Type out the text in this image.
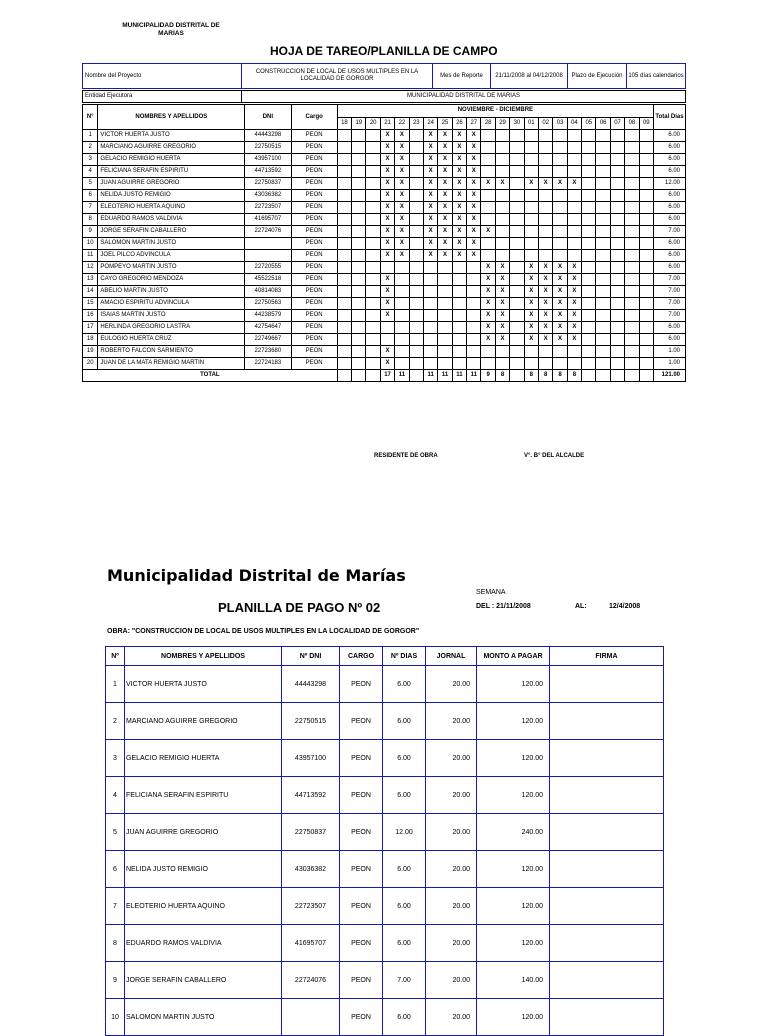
MUNICIPALIDAD DISTRITAL DE MARIAS
HOJA DE TAREO/PLANILLA DE CAMPO
Nombre del Proyecto	CONSTRUCCION DE LOCAL DE USOS MULTIPLES EN LA LOCALIDAD DE GORGOR	Mes de Reporte	21/11/2008 al 04/12/2008	Plazo de Ejecución	105 días calendarios
Entidad Ejecutora	MUNICIPALIDAD DISTRITAL DE MARIAS
N°	NOMBRES Y APELLIDOS	DNI	Cargo	NOVIEMBRE - DICIEMBRE																						Total Días
				18	19	20	21	22	23	24	25	26	27	28	29	30	01	02	03	04	05	06	07	08	09	
1	VICTOR HUERTA JUSTO	44443298	PEON				X	X		X	X	X	X													6.00
2	MARCIANO AGUIRRE GREGORIO	22750515	PEON				X	X		X	X	X	X													6.00
3	GELACIO REMIGIO HUERTA	43957100	PEON				X	X		X	X	X	X													6.00
4	FELICIANA SERAFIN ESPIRITU	44713592	PEON				X	X		X	X	X	X													6.00
5	JUAN AGUIRRE GREGORIO	22750837	PEON				X	X		X	X	X	X	X	X		X	X	X	X						12.00
6	NELIDA JUSTO REMIGIO	43036382	PEON				X	X		X	X	X	X													6.00
7	ELEOTERIO HUERTA AQUINO	22723507	PEON				X	X		X	X	X	X													6.00
8	EDUARDO RAMOS VALDIVIA	41695707	PEON				X	X		X	X	X	X													6.00
9	JORGE SERAFIN CABALLERO	22724076	PEON				X	X		X	X	X	X	X												7.00
10	SALOMON MARTIN JUSTO		PEON				X	X		X	X	X	X													6.00
11	JOEL PILCO ADVINCULA		PEON				X	X		X	X	X	X													6.00
12	POMPEYO MARTIN JUSTO	22720555	PEON											X	X		X	X	X	X						6.00
13	CAYO GREGORIO MENDOZA	45522518	PEON				X							X	X		X	X	X	X						7.00
14	ABELIO MARTIN JUSTO	40814083	PEON				X							X	X		X	X	X	X						7.00
15	AMACIO ESPIRITU ADVINCULA	22750563	PEON				X							X	X		X	X	X	X						7.00
16	ISAIAS MARTIN JUSTO	44238579	PEON				X							X	X		X	X	X	X						7.00
17	HERLINDA GREGORIO LASTRA	42754647	PEON											X	X		X	X	X	X						6.00
18	EULOGIO HUERTA CRUZ	22749667	PEON											X	X		X	X	X	X						6.00
19	ROBERTO FALCON SARMIENTO	22723680	PEON				X																			1.00
20	JUAN DE LA MATA REMIGIO MARTIN	22724183	PEON				X																			1.00
TOTAL							17	11		11	11	11	11	9	8		8	8	8	8						121.00
RESIDENTE DE OBRA	V°. B° DEL ALCALDE
Municipalidad Distrital de Marías
PLANILLA DE PAGO Nº 02
SEMANA
DEL : 21/11/2008	AL:	12/4/2008
OBRA: "CONSTRUCCION DE LOCAL DE USOS MULTIPLES EN LA LOCALIDAD DE GORGOR"
Nº	NOMBRES Y APELLIDOS	Nº DNI	CARGO	Nº DIAS	JORNAL	MONTO A PAGAR	FIRMA
1	VICTOR HUERTA JUSTO	44443298	PEON	6.00	20.00	120.00	
2	MARCIANO AGUIRRE GREGORIO	22750515	PEON	6.00	20.00	120.00	
3	GELACIO REMIGIO HUERTA	43957100	PEON	6.00	20.00	120.00	
4	FELICIANA SERAFIN ESPIRITU	44713592	PEON	6.00	20.00	120.00	
5	JUAN AGUIRRE GREGORIO	22750837	PEON	12.00	20.00	240.00	
6	NELIDA JUSTO REMIGIO	43036382	PEON	6.00	20.00	120.00	
7	ELEOTERIO HUERTA AQUINO	22723507	PEON	6.00	20.00	120.00	
8	EDUARDO RAMOS VALDIVIA	41695707	PEON	6.00	20.00	120.00	
9	JORGE SERAFIN CABALLERO	22724076	PEON	7.00	20.00	140.00	
10	SALOMON MARTIN JUSTO		PEON	6.00	20.00	120.00	
